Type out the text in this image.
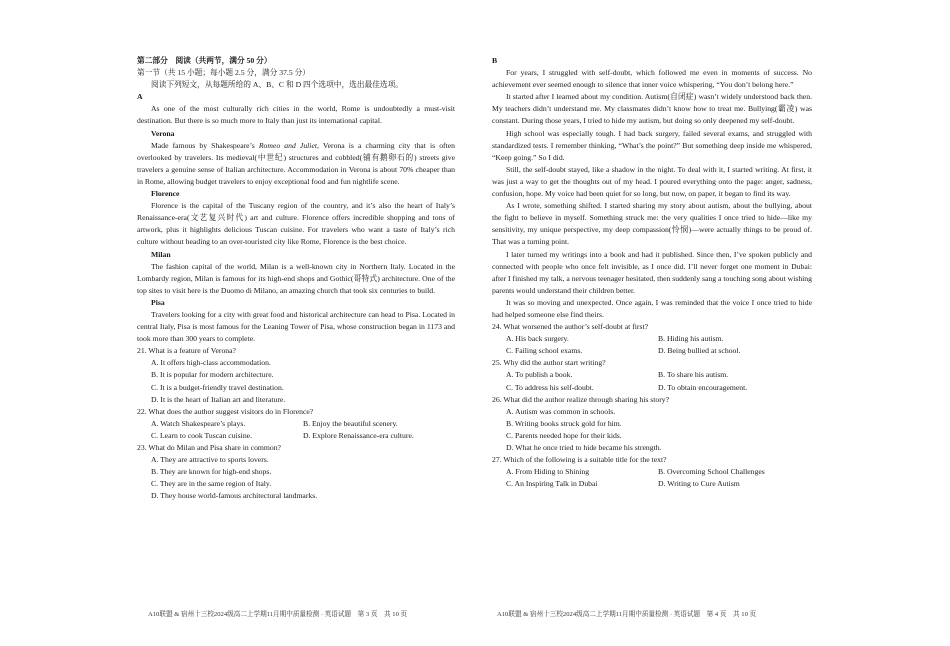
第二部分　阅读（共两节，满分 50 分）

第一节（共 15 小题；每小题 2.5 分，满分 37.5 分）

阅读下列短文，从每题所给的 A、B、C 和 D 四个选项中，选出最佳选项。

A

As one of the most culturally rich cities in the world, Rome is undoubtedly a must-visit destination. But there is so much more to Italy than just its international capital.

Verona

Made famous by Shakespeare’s Romeo and Juliet, Verona is a charming city that is often overlooked by travelers. Its medieval(中世纪) structures and cobbled(铺有鹅卵石的) streets give travelers a genuine sense of Italian architecture. Accommodation in Verona is about 70% cheaper than in Rome, allowing budget travelers to enjoy exceptional food and fun nightlife scene.

Florence

Florence is the capital of the Tuscany region of the country, and it’s also the heart of Italy’s Renaissance-era(文艺复兴时代) art and culture. Florence offers incredible shopping and tons of artwork, plus it highlights delicious Tuscan cuisine. For travelers who want a taste of Italy’s rich culture without heading to an over-touristed city like Rome, Florence is the best choice.

Milan

The fashion capital of the world, Milan is a well-known city in Northern Italy. Located in the Lombardy region, Milan is famous for its high-end shops and Gothic(哥特式) architecture. One of the top sites to visit here is the Duomo di Milano, an amazing church that took six centuries to build.

Pisa

Travelers looking for a city with great food and historical architecture can head to Pisa. Located in central Italy, Pisa is most famous for the Leaning Tower of Pisa, whose construction began in 1173 and took more than 300 years to complete.

21. What is a feature of Verona?

A. It offers high-class accommodation.

B. It is popular for modern architecture.

C. It is a budget-friendly travel destination.

D. It is the heart of Italian art and literature.

22. What does the author suggest visitors do in Florence?

A. Watch Shakespeare’s plays.	B. Enjoy the beautiful scenery.
C. Learn to cook Tuscan cuisine.	D. Explore Renaissance-era culture.

23. What do Milan and Pisa share in common?

A. They are attractive to sports lovers.

B. They are known for high-end shops.

C. They are in the same region of Italy.

D. They house world-famous architectural landmarks.

A10联盟 & 宿州十三校2024级高二上学期11月期中质量检测 · 英语试题　第 3 页　共 10 页

B

For years, I struggled with self-doubt, which followed me even in moments of success. No achievement ever seemed enough to silence that inner voice whispering, “You don’t belong here.”

It started after I learned about my condition. Autism(自闭症) wasn’t widely understood back then. My teachers didn’t understand me. My classmates didn’t know how to treat me. Bullying(霸凌) was constant. During those years, I tried to hide my autism, but doing so only deepened my self-doubt.

High school was especially tough. I had back surgery, failed several exams, and struggled with standardized tests. I remember thinking, “What’s the point?” But something deep inside me whispered, “Keep going.” So I did.

Still, the self-doubt stayed, like a shadow in the night. To deal with it, I started writing. At first, it was just a way to get the thoughts out of my head. I poured everything onto the page: anger, sadness, confusion, hope. My voice had been quiet for so long, but now, on paper, it began to find its way.

As I wrote, something shifted. I started sharing my story about autism, about the bullying, about the fight to believe in myself. Something struck me: the very qualities I once tried to hide—like my sensitivity, my unique perspective, my deep compassion(怜悯)—were actually things to be proud of. That was a turning point.

I later turned my writings into a book and had it published. Since then, I’ve spoken publicly and connected with people who once felt invisible, as I once did. I’ll never forget one moment in Dubai: after I finished my talk, a nervous teenager hesitated, then suddenly sang a touching song about wishing parents would understand their children better.

It was so moving and unexpected. Once again, I was reminded that the voice I once tried to hide had helped someone else find theirs.

24. What worsened the author’s self-doubt at first?

A. His back surgery.	B. Hiding his autism.
C. Failing school exams.	D. Being bullied at school.

25. Why did the author start writing?

A. To publish a book.	B. To share his autism.
C. To address his self-doubt.	D. To obtain encouragement.

26. What did the author realize through sharing his story?

A. Autism was common in schools.

B. Writing books struck gold for him.

C. Parents needed hope for their kids.

D. What he once tried to hide became his strength.

27. Which of the following is a suitable title for the text?

A. From Hiding to Shining	B. Overcoming School Challenges
C. An Inspiring Talk in Dubai	D. Writing to Cure Autism
A10联盟 & 宿州十三校2024级高二上学期11月期中质量检测 · 英语试题　第 4 页　共 10 页
